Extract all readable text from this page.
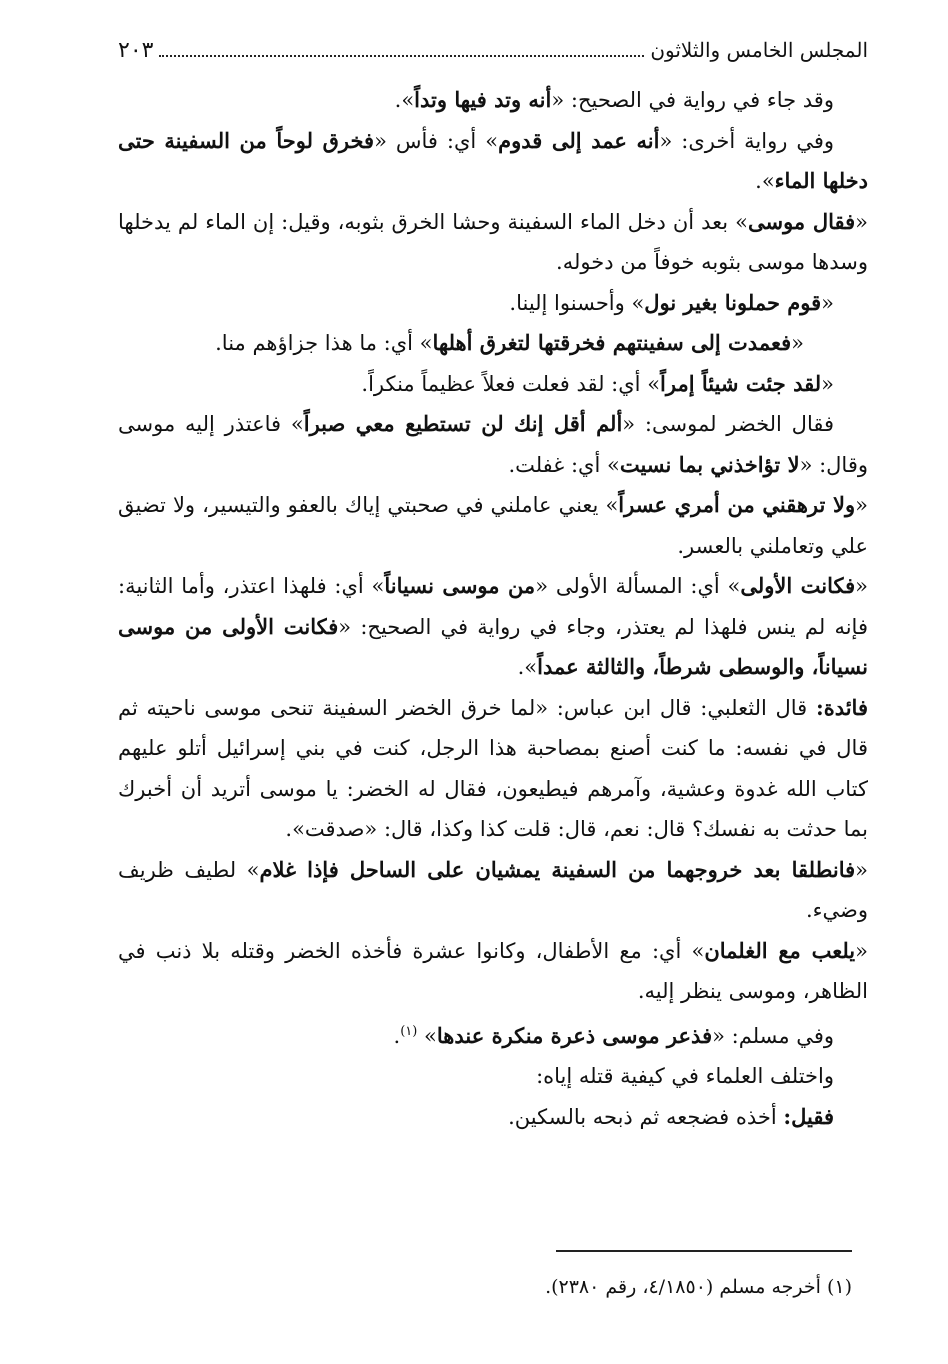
المجلس الخامس والثلاثون
٢٠٣

وقد جاء في رواية في الصحيح: «أنه وتد فيها وتداً».

وفي رواية أخرى: «أنه عمد إلى قدوم» أي: فأس «فخرق لوحاً من السفينة حتى دخلها الماء».

«فقال موسى» بعد أن دخل الماء السفينة وحشا الخرق بثوبه، وقيل: إن الماء لم يدخلها وسدها موسى بثوبه خوفاً من دخوله.

«قوم حملونا بغير نول» وأحسنوا إلينا.

«فعمدت إلى سفينتهم فخرقتها لتغرق أهلها» أي: ما هذا جزاؤهم منا.

«لقد جئت شيئاً إمراً» أي: لقد فعلت فعلاً عظيماً منكراً.

فقال الخضر لموسى: «ألم أقل إنك لن تستطيع معي صبراً» فاعتذر إليه موسى وقال: «لا تؤاخذني بما نسيت» أي: غفلت.

«ولا ترهقني من أمري عسراً» يعني عاملني في صحبتي إياك بالعفو والتيسير، ولا تضيق علي وتعاملني بالعسر.

«فكانت الأولى» أي: المسألة الأولى «من موسى نسياناً» أي: فلهذا اعتذر، وأما الثانية: فإنه لم ينس فلهذا لم يعتذر، وجاء في رواية في الصحيح: «فكانت الأولى من موسى نسياناً، والوسطى شرطاً، والثالثة عمداً».

فائدة: قال الثعلبي: قال ابن عباس: «لما خرق الخضر السفينة تنحى موسى ناحيته ثم قال في نفسه: ما كنت أصنع بمصاحبة هذا الرجل، كنت في بني إسرائيل أتلو عليهم كتاب الله غدوة وعشية، وآمرهم فيطيعون، فقال له الخضر: يا موسى أتريد أن أخبرك بما حدثت به نفسك؟ قال: نعم، قال: قلت كذا وكذا، قال: «صدقت».

«فانطلقا بعد خروجهما من السفينة يمشيان على الساحل فإذا غلام» لطيف ظريف وضيء.

«يلعب مع الغلمان» أي: مع الأطفال، وكانوا عشرة فأخذه الخضر وقتله بلا ذنب في الظاهر، وموسى ينظر إليه.

وفي مسلم: «فذعر موسى ذعرة منكرة عندها» $^{(١)}$.

واختلف العلماء في كيفية قتله إياه:

فقيل: أخذه فضجعه ثم ذبحه بالسكين.

(١) أخرجه مسلم (٤/١٨٥٠، رقم ٢٣٨٠).
